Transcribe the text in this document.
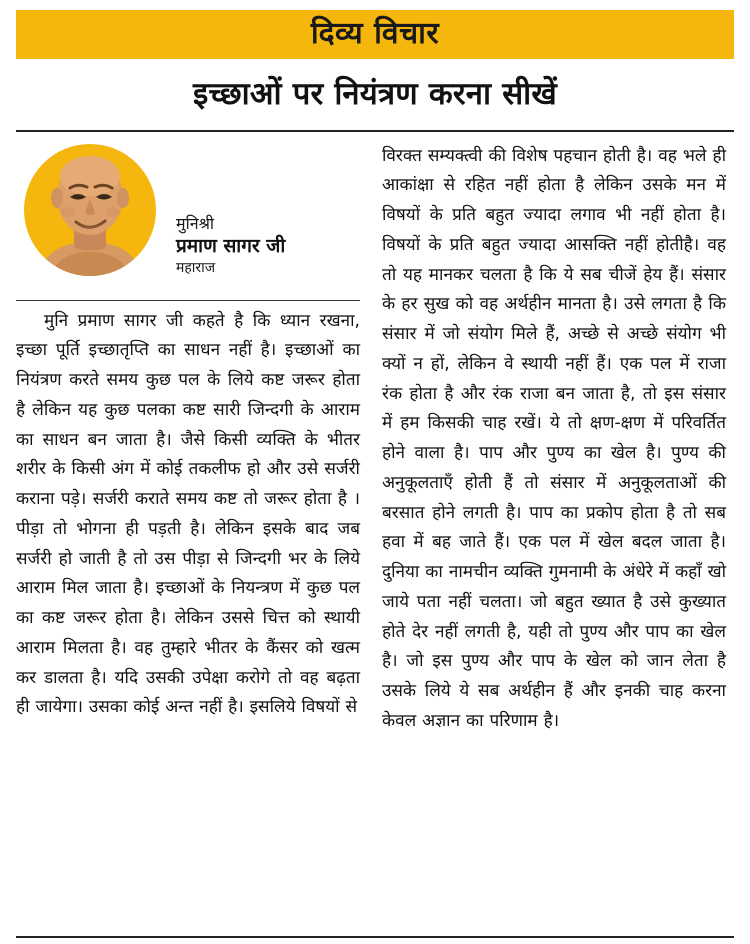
दिव्य विचार
इच्छाओं पर नियंत्रण करना सीखें
मुनिश्री
प्रमाण सागर जी
महाराज
मुनि प्रमाण सागर जी कहते है कि ध्यान रखना, इच्छा पूर्ति इच्छातृप्ति का साधन नहीं है। इच्छाओं का नियंत्रण करते समय कुछ पल के लिये कष्ट जरूर होता है लेकिन यह कुछ पलका कष्ट सारी जिन्दगी के आराम का साधन बन जाता है। जैसे किसी व्यक्ति के भीतर शरीर के किसी अंग में कोई तकलीफ हो और उसे सर्जरी कराना पड़े। सर्जरी कराते समय कष्ट तो जरूर होता है । पीड़ा तो भोगना ही पड़ती है। लेकिन इसके बाद जब सर्जरी हो जाती है तो उस पीड़ा से जिन्दगी भर के लिये आराम मिल जाता है। इच्छाओं के नियन्त्रण में कुछ पल का कष्ट जरूर होता है। लेकिन उससे चित्त को स्थायी आराम मिलता है। वह तुम्हारे भीतर के कैंसर को खत्म कर डालता है। यदि उसकी उपेक्षा करोगे तो वह बढ़ता ही जायेगा। उसका कोई अन्त नहीं है। इसलिये विषयों से
विरक्त सम्यक्त्वी की विशेष पहचान होती है। वह भले ही आकांक्षा से रहित नहीं होता है लेकिन उसके मन में विषयों के प्रति बहुत ज्यादा लगाव भी नहीं होता है। विषयों के प्रति बहुत ज्यादा आसक्ति नहीं होतीहै। वह तो यह मानकर चलता है कि ये सब चीजें हेय हैं। संसार के हर सुख को वह अर्थहीन मानता है। उसे लगता है कि संसार में जो संयोग मिले हैं, अच्छे से अच्छे संयोग भी क्यों न हों, लेकिन वे स्थायी नहीं हैं। एक पल में राजा रंक होता है और रंक राजा बन जाता है, तो इस संसार में हम किसकी चाह रखें। ये तो क्षण-क्षण में परिवर्तित होने वाला है। पाप और पुण्य का खेल है। पुण्य की अनुकूलताएँ होती हैं तो संसार में अनुकूलताओं की बरसात होने लगती है। पाप का प्रकोप होता है तो सब हवा में बह जाते हैं। एक पल में खेल बदल जाता है। दुनिया का नामचीन व्यक्ति गुमनामी के अंधेरे में कहाँ खो जाये पता नहीं चलता। जो बहुत ख्यात है उसे कुख्यात होते देर नहीं लगती है, यही तो पुण्य और पाप का खेल है। जो इस पुण्य और पाप के खेल को जान लेता है उसके लिये ये सब अर्थहीन हैं और इनकी चाह करना केवल अज्ञान का परिणाम है।
